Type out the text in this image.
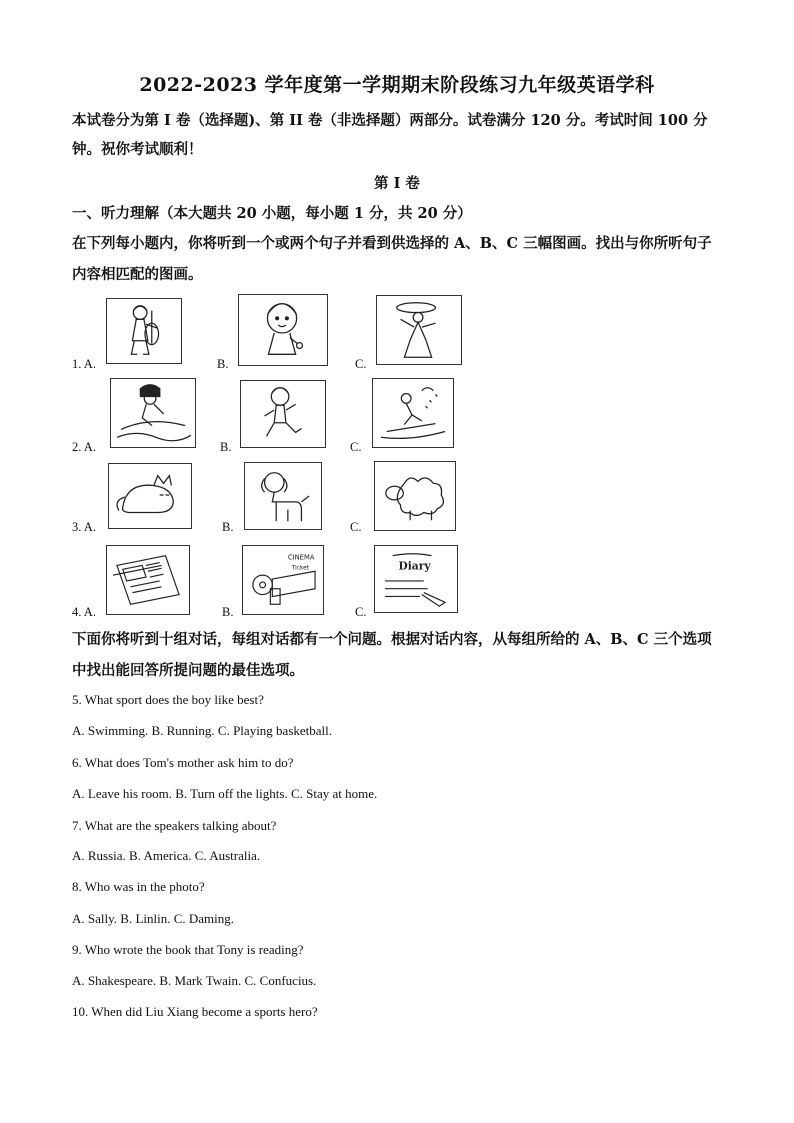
2022-2023 学年度第一学期期末阶段练习九年级英语学科
本试卷分为第 I 卷（选择题)、第 II 卷（非选择题）两部分。试卷满分 120 分。考试时间 100 分钟。祝你考试顺利！
第 I 卷
一、听力理解（本大题共 20 小题，每小题 1 分，共 20 分）
在下列每小题内，你将听到一个或两个句子并看到供选择的 A、B、C 三幅图画。找出与你所听句子内容相匹配的图画。
1. A.	B.	C.
2. A.	B.	C.
3. A.	B.	C.
4. A.	B.
CINEMA
Ticket
C.
Diary
下面你将听到十组对话，每组对话都有一个问题。根据对话内容，从每组所给的 A、B、C 三个选项中找出能回答所提问题的最佳选项。
5. What sport does the boy like best?
A. Swimming. B. Running. C. Playing basketball.
6. What does Tom's mother ask him to do?
A. Leave his room. B. Turn off the lights. C. Stay at home.
7. What are the speakers talking about?
A. Russia. B. America. C. Australia.
8. Who was in the photo?
A. Sally. B. Linlin. C. Daming.
9. Who wrote the book that Tony is reading?
A. Shakespeare. B. Mark Twain. C. Confucius.
10. When did Liu Xiang become a sports hero?
